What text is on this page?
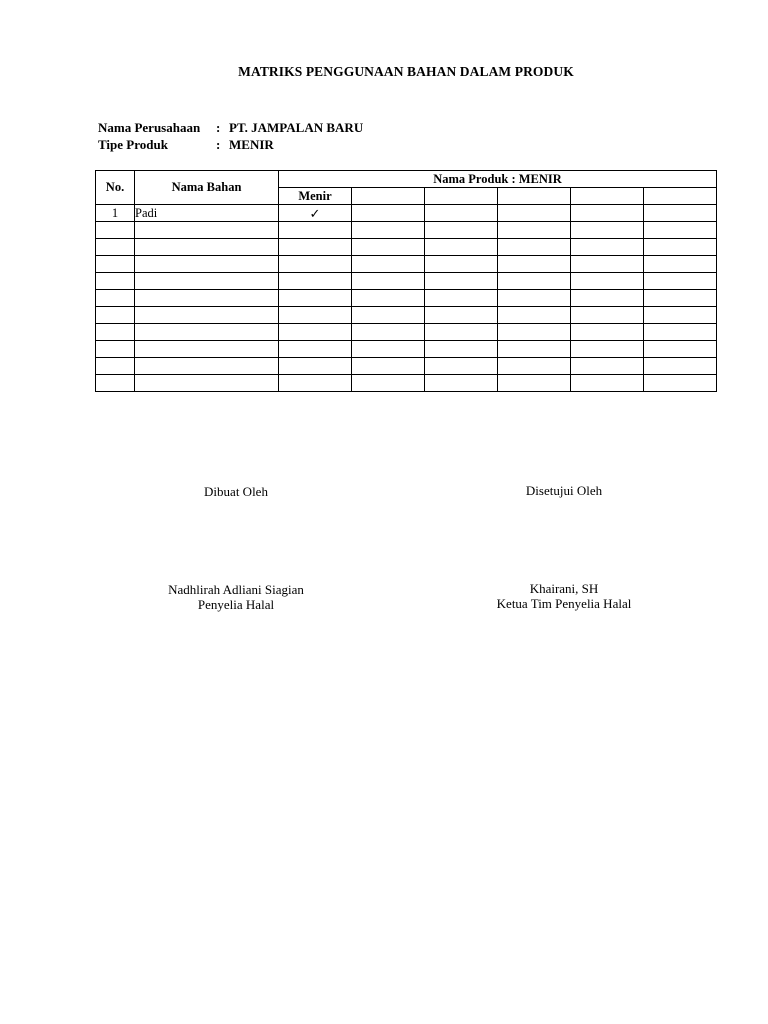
MATRIKS PENGGUNAAN BAHAN DALAM PRODUK
Nama Perusahaan : PT. JAMPALAN BARU
Tipe Produk	: MENIR
No.	Nama Bahan	Nama Produk : MENIR					
		Menir					
1	Padi	✓					

Dibuat Oleh	Disetujui Oleh
Nadhlirah Adliani Siagian
Penyelia Halal
Khairani, SH
Ketua Tim Penyelia Halal
